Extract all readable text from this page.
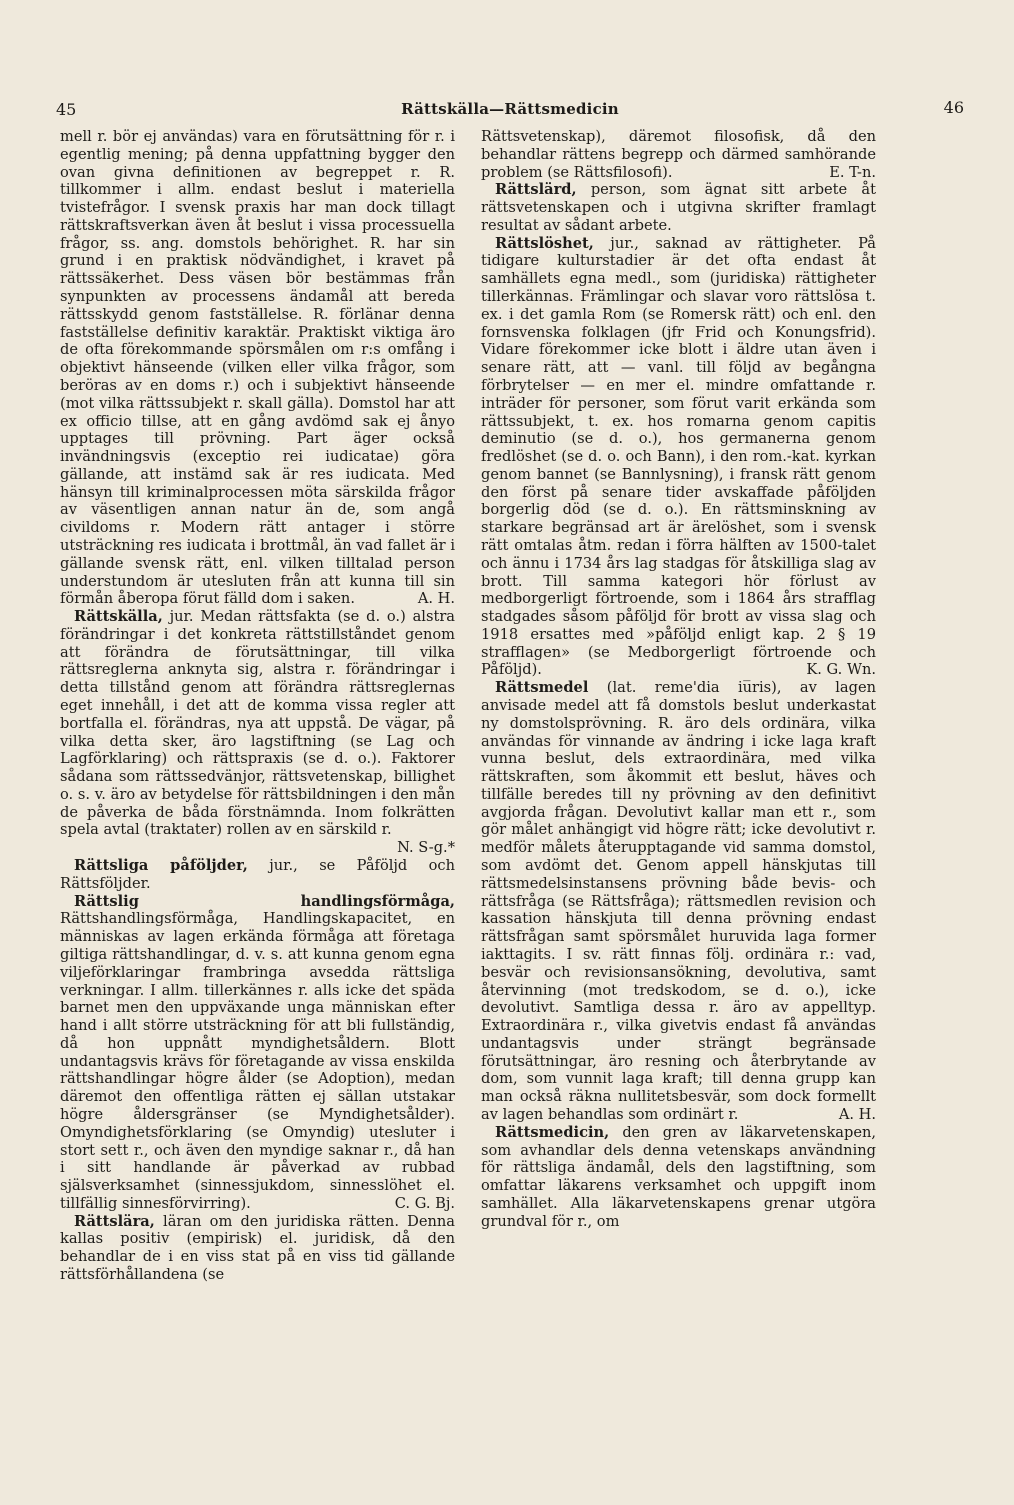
45	Rättskälla—Rättsmedicin	46

mell r. bör ej användas) vara en förutsättning för r. i egentlig mening; på denna uppfattning bygger den ovan givna definitionen av begreppet r. R. tillkommer i allm. endast beslut i materiella tvistefrågor. I svensk praxis har man dock tillagt rättskraftsverkan även åt beslut i vissa processuella frågor, ss. ang. domstols behörighet. R. har sin grund i en praktisk nödvändighet, i kravet på rättssäkerhet. Dess väsen bör bestämmas från synpunkten av processens ändamål att bereda rättsskydd genom fastställelse. R. förlänar denna fastställelse definitiv karaktär. Praktiskt viktiga äro de ofta förekommande spörsmålen om r:s omfång i objektivt hänseende (vilken eller vilka frågor, som beröras av en doms r.) och i subjektivt hänseende (mot vilka rättssubjekt r. skall gälla). Domstol har att ex officio tillse, att en gång avdömd sak ej ånyo upptages till prövning. Part äger också invändningsvis (exceptio rei iudicatae) göra gällande, att instämd sak är res iudicata. Med hänsyn till kriminalprocessen möta särskilda frågor av väsentligen annan natur än de, som angå civildoms r. Modern rätt antager i större utsträckning res iudicata i brottmål, än vad fallet är i gällande svensk rätt, enl. vilken tilltalad person understundom är utesluten från att kunna till sin förmån åberopa förut fälld dom i saken.	A. H.

Rättskälla, jur. Medan rättsfakta (se d. o.) alstra förändringar i det konkreta rättstillståndet genom att förändra de förutsättningar, till vilka rättsreglerna anknyta sig, alstra r. förändringar i detta tillstånd genom att förändra rättsreglernas eget innehåll, i det att de komma vissa regler att bortfalla el. förändras, nya att uppstå. De vägar, på vilka detta sker, äro lagstiftning (se Lag och Lagförklaring) och rättspraxis (se d. o.). Faktorer sådana som rättssedvänjor, rättsvetenskap, billighet o. s. v. äro av betydelse för rättsbildningen i den mån de påverka de båda förstnämnda. Inom folkrätten spela avtal (traktater) rollen av en särskild r.
N. S-g.*

Rättsliga påföljder, jur., se Påföljd och Rättsföljder.

Rättslig handlingsförmåga, Rättshandlingsförmåga, Handlingskapacitet, en människas av lagen erkända förmåga att företaga giltiga rättshandlingar, d. v. s. att kunna genom egna viljeförklaringar frambringa avsedda rättsliga verkningar. I allm. tillerkännes r. alls icke det späda barnet men den uppväxande unga människan efter hand i allt större utsträckning för att bli fullständig, då hon uppnått myndighetsåldern. Blott undantagsvis krävs för företagande av vissa enskilda rättshandlingar högre ålder (se Adoption), medan däremot den offentliga rätten ej sällan utstakar högre åldersgränser (se Myndighetsålder). Omyndighetsförklaring (se Omyndig) utesluter i stort sett r., och även den myndige saknar r., då han i sitt handlande är påverkad av rubbad själsverksamhet (sinnessjukdom, sinnesslöhet el. tillfällig sinnesförvirring).	C. G. Bj.

Rättslära, läran om den juridiska rätten. Denna kallas positiv (empirisk) el. juridisk, då den behandlar de i en viss stat på en viss tid gällande rättsförhållandena (se

Rättsvetenskap), däremot filosofisk, då den behandlar rättens begrepp och därmed samhörande problem (se Rättsfilosofi).	E. T-n.

Rättslärd, person, som ägnat sitt arbete åt rättsvetenskapen och i utgivna skrifter framlagt resultat av sådant arbete.

Rättslöshet, jur., saknad av rättigheter. På tidigare kulturstadier är det ofta endast åt samhällets egna medl., som (juridiska) rättigheter tillerkännas. Främlingar och slavar voro rättslösa t. ex. i det gamla Rom (se Romersk rätt) och enl. den fornsvenska folklagen (jfr Frid och Konungsfrid). Vidare förekommer icke blott i äldre utan även i senare rätt, att — vanl. till följd av begångna förbrytelser — en mer el. mindre omfattande r. inträder för personer, som förut varit erkända som rättssubjekt, t. ex. hos romarna genom capitis deminutio (se d. o.), hos germanerna genom fredlöshet (se d. o. och Bann), i den rom.-kat. kyrkan genom bannet (se Bannlysning), i fransk rätt genom den först på senare tider avskaffade påföljden borgerlig död (se d. o.). En rättsminskning av starkare begränsad art är ärelöshet, som i svensk rätt omtalas åtm. redan i förra hälften av 1500-talet och ännu i 1734 års lag stadgas för åtskilliga slag av brott. Till samma kategori hör förlust av medborgerligt förtroende, som i 1864 års strafflag stadgades såsom påföljd för brott av vissa slag och 1918 ersattes med »påföljd enligt kap. 2 § 19 strafflagen» (se Medborgerligt förtroende och Påföljd).	K. G. Wn.

Rättsmedel (lat. reme'dia iu̅ris), av lagen anvisade medel att få domstols beslut underkastat ny domstolsprövning. R. äro dels ordinära, vilka användas för vinnande av ändring i icke laga kraft vunna beslut, dels extraordinära, med vilka rättskraften, som åkommit ett beslut, häves och tillfälle beredes till ny prövning av den definitivt avgjorda frågan. Devolutivt kallar man ett r., som gör målet anhängigt vid högre rätt; icke devolutivt r. medför målets återupptagande vid samma domstol, som avdömt det. Genom appell hänskjutas till rättsmedelsinstansens prövning både bevis- och rättsfråga (se Rättsfråga); rättsmedlen revision och kassation hänskjuta till denna prövning endast rättsfrågan samt spörsmålet huruvida laga former iakttagits. I sv. rätt finnas följ. ordinära r.: vad, besvär och revisionsansökning, devolutiva, samt återvinning (mot tredskodom, se d. o.), icke devolutivt. Samtliga dessa r. äro av appelltyp. Extraordinära r., vilka givetvis endast få användas undantagsvis under strängt begränsade förutsättningar, äro resning och återbrytande av dom, som vunnit laga kraft; till denna grupp kan man också räkna nullitetsbesvär, som dock formellt av lagen behandlas som ordinärt r.	A. H.

Rättsmedicin, den gren av läkarvetenskapen, som avhandlar dels denna vetenskaps användning för rättsliga ändamål, dels den lagstiftning, som omfattar läkarens verksamhet och uppgift inom samhället. Alla läkarvetenskapens grenar utgöra grundval för r., om
